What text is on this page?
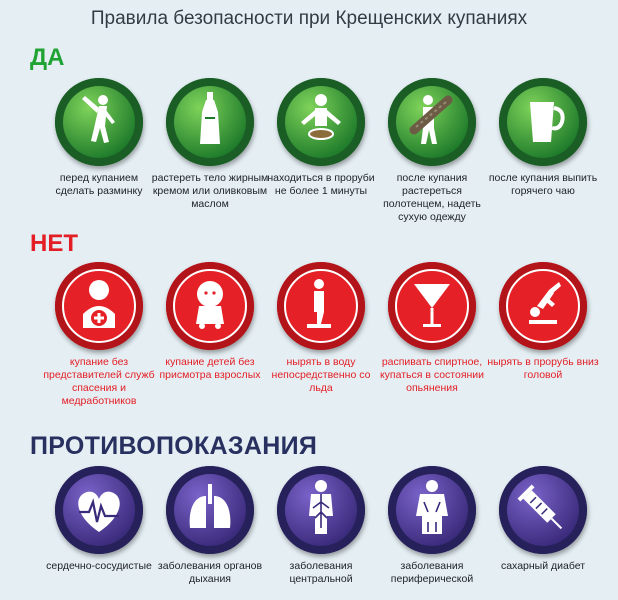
Правила безопасности при Крещенских купаниях
ДА
перед купанием сделать разминку
растереть тело жирным кремом или оливковым маслом
находиться в проруби не более 1 минуты
после купания растереться полотенцем, надеть сухую одежду
после купания выпить горячего чаю
НЕТ
купание без представителей служб спасения и медработников
купание детей без присмотра взрослых
нырять в воду непосредственно со льда
распивать спиртное, купаться в состоянии опьянения
нырять в прорубь вниз головой
ПРОТИВОПОКАЗАНИЯ
сердечно-сосудистые заболевания органов дыхания
заболевания центральной
заболевания периферической
сахарный диабет
